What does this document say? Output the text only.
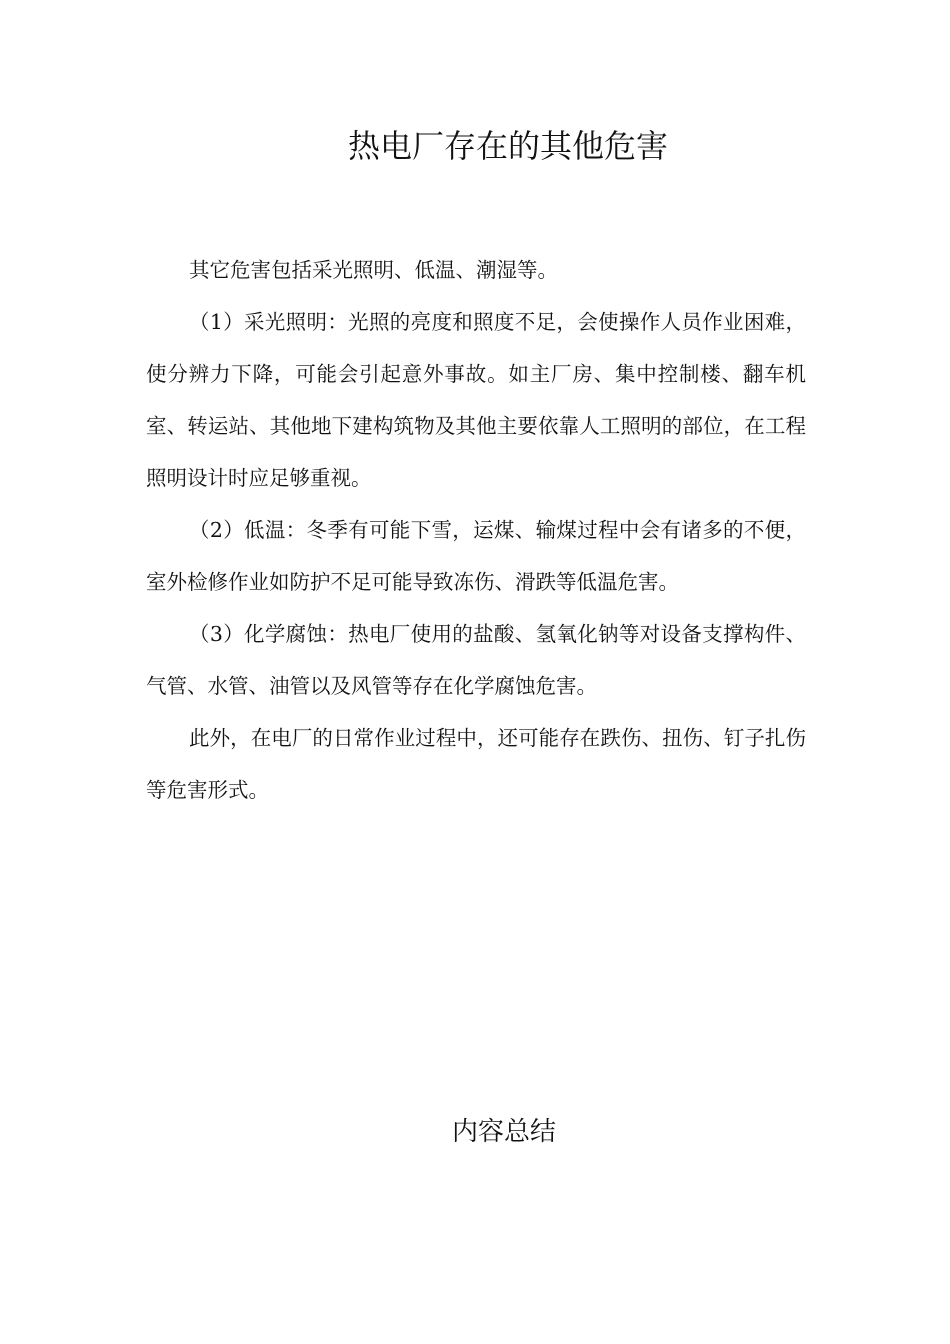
热电厂存在的其他危害

其它危害包括采光照明、低温、潮湿等。

（1）采光照明：光照的亮度和照度不足，会使操作人员作业困难，使分辨力下降，可能会引起意外事故。如主厂房、集中控制楼、翻车机室、转运站、其他地下建构筑物及其他主要依靠人工照明的部位，在工程照明设计时应足够重视。

（2）低温：冬季有可能下雪，运煤、输煤过程中会有诸多的不便，室外检修作业如防护不足可能导致冻伤、滑跌等低温危害。

（3）化学腐蚀：热电厂使用的盐酸、氢氧化钠等对设备支撑构件、气管、水管、油管以及风管等存在化学腐蚀危害。

此外，在电厂的日常作业过程中，还可能存在跌伤、扭伤、钉子扎伤等危害形式。

内容总结
